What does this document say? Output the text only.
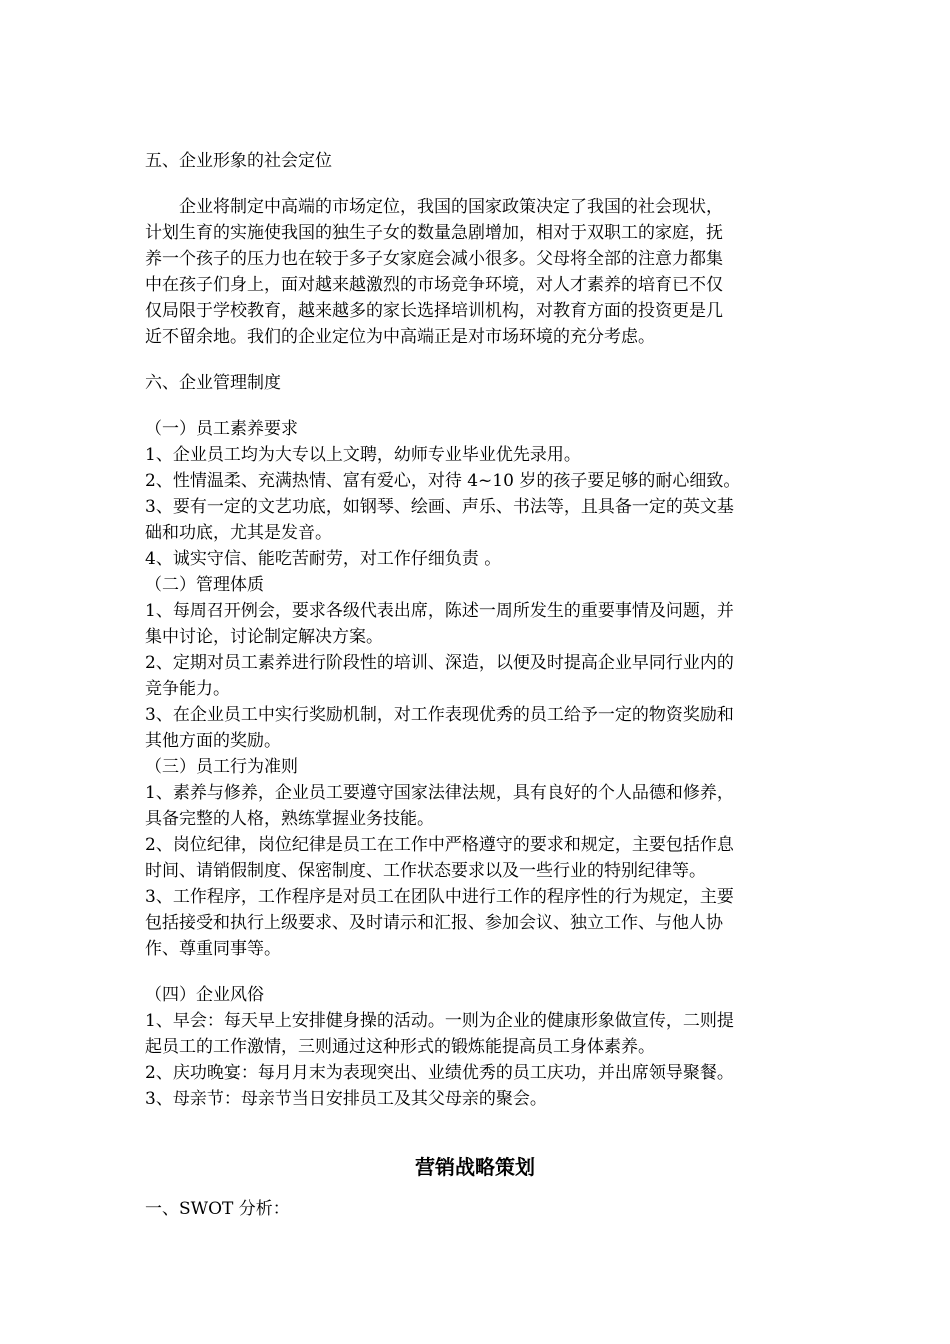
五、企业形象的社会定位
企业将制定中高端的市场定位，我国的国家政策决定了我国的社会现状，
计划生育的实施使我国的独生子女的数量急剧增加，相对于双职工的家庭，抚
养一个孩子的压力也在较于多子女家庭会减小很多。父母将全部的注意力都集
中在孩子们身上，面对越来越激烈的市场竞争环境，对人才素养的培育已不仅
仅局限于学校教育，越来越多的家长选择培训机构，对教育方面的投资更是几
近不留余地。我们的企业定位为中高端正是对市场环境的充分考虑。
六、企业管理制度
（一）员工素养要求
1、企业员工均为大专以上文聘，幼师专业毕业优先录用。
2、性情温柔、充满热情、富有爱心，对待 4~10 岁的孩子要足够的耐心细致。
3、要有一定的文艺功底，如钢琴、绘画、声乐、书法等，且具备一定的英文基
础和功底，尤其是发音。
4、诚实守信、能吃苦耐劳，对工作仔细负责 。
（二）管理体质
1、每周召开例会，要求各级代表出席，陈述一周所发生的重要事情及问题，并
集中讨论，讨论制定解决方案。
2、定期对员工素养进行阶段性的培训、深造，以便及时提高企业早同行业内的
竞争能力。
3、在企业员工中实行奖励机制，对工作表现优秀的员工给予一定的物资奖励和
其他方面的奖励。
（三）员工行为准则
1、素养与修养，企业员工要遵守国家法律法规，具有良好的个人品德和修养，
具备完整的人格，熟练掌握业务技能。
2、岗位纪律，岗位纪律是员工在工作中严格遵守的要求和规定，主要包括作息
时间、请销假制度、保密制度、工作状态要求以及一些行业的特别纪律等。
3、工作程序，工作程序是对员工在团队中进行工作的程序性的行为规定，主要
包括接受和执行上级要求、及时请示和汇报、参加会议、独立工作、与他人协
作、尊重同事等。
（四）企业风俗
1、早会：每天早上安排健身操的活动。一则为企业的健康形象做宣传，二则提
起员工的工作激情，三则通过这种形式的锻炼能提高员工身体素养。
2、庆功晚宴：每月月末为表现突出、业绩优秀的员工庆功，并出席领导聚餐。
3、母亲节：母亲节当日安排员工及其父母亲的聚会。
营销战略策划
一、SWOT 分析：
